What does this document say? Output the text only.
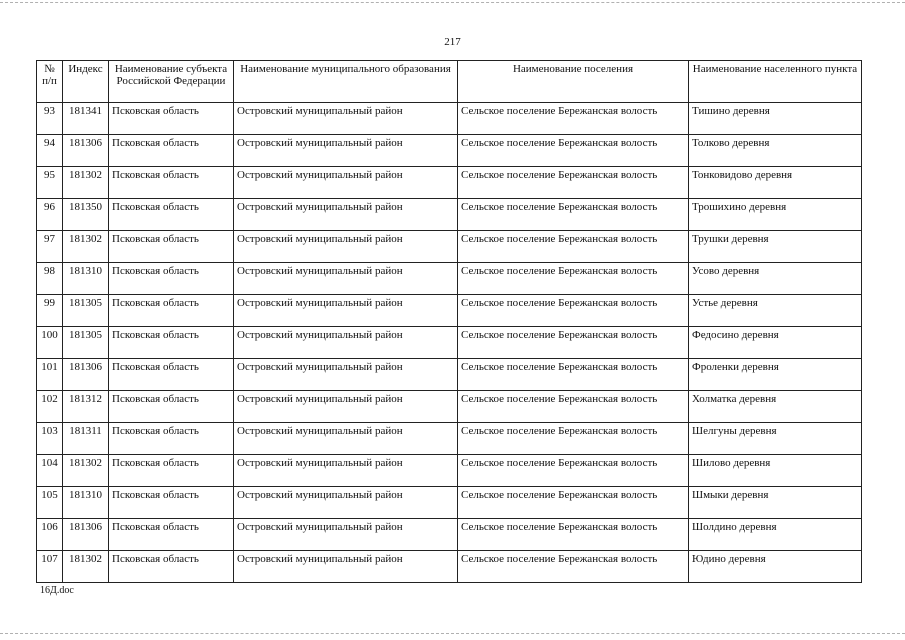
217
№ п/п	Индекс	Наименование субъекта Российской Федерации	Наименование муниципального образования	Наименование поселения	Наименование населенного пункта
93	181341	Псковская область	Островский муниципальный район	Сельское поселение Бережанская волость	Тишино деревня
94	181306	Псковская область	Островский муниципальный район	Сельское поселение Бережанская волость	Толково деревня
95	181302	Псковская область	Островский муниципальный район	Сельское поселение Бережанская волость	Тонковидово деревня
96	181350	Псковская область	Островский муниципальный район	Сельское поселение Бережанская волость	Трошихино деревня
97	181302	Псковская область	Островский муниципальный район	Сельское поселение Бережанская волость	Трушки деревня
98	181310	Псковская область	Островский муниципальный район	Сельское поселение Бережанская волость	Усово деревня
99	181305	Псковская область	Островский муниципальный район	Сельское поселение Бережанская волость	Устье деревня
100	181305	Псковская область	Островский муниципальный район	Сельское поселение Бережанская волость	Федосино деревня
101	181306	Псковская область	Островский муниципальный район	Сельское поселение Бережанская волость	Фроленки деревня
102	181312	Псковская область	Островский муниципальный район	Сельское поселение Бережанская волость	Холматка деревня
103	181311	Псковская область	Островский муниципальный район	Сельское поселение Бережанская волость	Шелгуны деревня
104	181302	Псковская область	Островский муниципальный район	Сельское поселение Бережанская волость	Шилово деревня
105	181310	Псковская область	Островский муниципальный район	Сельское поселение Бережанская волость	Шмыки деревня
106	181306	Псковская область	Островский муниципальный район	Сельское поселение Бережанская волость	Шолдино деревня
107	181302	Псковская область	Островский муниципальный район	Сельское поселение Бережанская волость	Юдино деревня
16Д.doc
